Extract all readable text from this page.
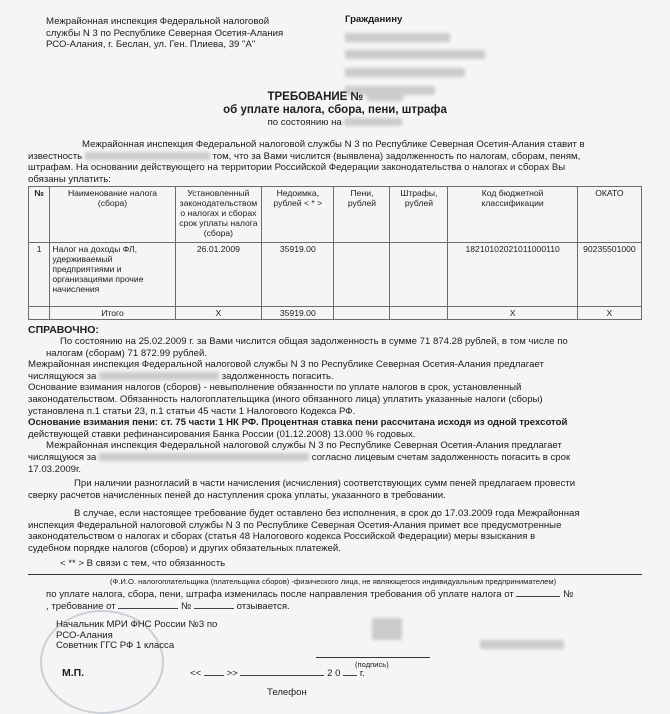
Межрайонная инспекция Федеральной налоговой
службы N 3 по Республике Северная Осетия-Алания
РСО-Алания, г. Беслан, ул. Ген. Плиева, 39 "А"
Гражданину

ТРЕБОВАНИЕ №
об уплате налога, сбора, пени, штрафа
по состоянию на
Межрайонная инспекция Федеральной налоговой службы N 3 по Республике Северная Осетия-Алания ставит в
известность	том, что за Вами числится (выявлена) задолженность по налогам, сборам, пеням,
штрафам. На основании действующего на территории Российской Федерации законодательства о налогах и сборах Вы
обязаны уплатить:
№	Наименование налога (сбора)	Установленный законодательством о налогах и сборах срок уплаты налога (сбора)	Недоимка, рублей < * >	Пени, рублей	Штрафы, рублей	Код бюджетной классификации	ОКАТО
1	Налог на доходы ФЛ, удерживаемый предприятиями и организациями прочие начисления	26.01.2009	35919.00			18210102021011000110	90235501000
	Итого	Х	35919.00			Х	Х
СПРАВОЧНО:
По состоянию на 25.02.2009 г. за Вами числится общая задолженность в сумме 71 874.28 рублей, в том числе по
налогам (сборам) 71 872.99 рублей.
Межрайонная инспекция Федеральной налоговой службы N 3 по Республике Северная Осетия-Алания предлагает
числящуюся за	задолженность погасить.
Основание взимания налогов (сборов) - невыполнение обязанности по уплате налогов в срок, установленный
законодательством. Обязанность налогоплательщика (иного обязанного лица) уплатить указанные налоги (сборы)
установлена п.1 статьи 23, п.1 статьи 45 части 1 Налогового Кодекса РФ.
Основание взимания пени: ст. 75 части 1 НК РФ. Процентная ставка пени рассчитана исходя из одной трехсотой
действующей ставки рефинансирования Банка России (01.12.2008) 13.000 % годовых.
Межрайонная инспекция Федеральной налоговой службы N 3 по Республике Северная Осетия-Алания предлагает
числящуюся за	согласно лицевым счетам задолженность погасить в срок
17.03.2009г.
При наличии разногласий в части начисления (исчисления) соответствующих сумм пеней предлагаем провести
сверку расчетов начисленных пеней до наступления срока уплаты, указанного в требовании.
В случае, если настоящее требование будет оставлено без исполнения, в срок до 17.03.2009 года Межрайонная
инспекция Федеральной налоговой службы N 3 по Республике Северная Осетия-Алания примет все предусмотренные
законодательством о налогах и сборах (статья 48 Налогового кодекса Российской Федерации) меры взыскания в
судебном порядке налогов (сборов) и других обязательных платежей.
< ** > В связи с тем, что обязанность
(Ф.И.О. налогоплательщика (плательщика сборов) -физического лица, не являющегося индивидуальным предпринимателем)
по уплате налога, сбора, пени, штрафа изменилась после направления требования об уплате налога от	№
, требование от	№	отзывается.
Начальник МРИ ФНС России №3 по
РСО-Алания
Советник ГГС РФ 1 класса
(подпись)
М.П.	<<	>>	2 0 г.
Телефон
